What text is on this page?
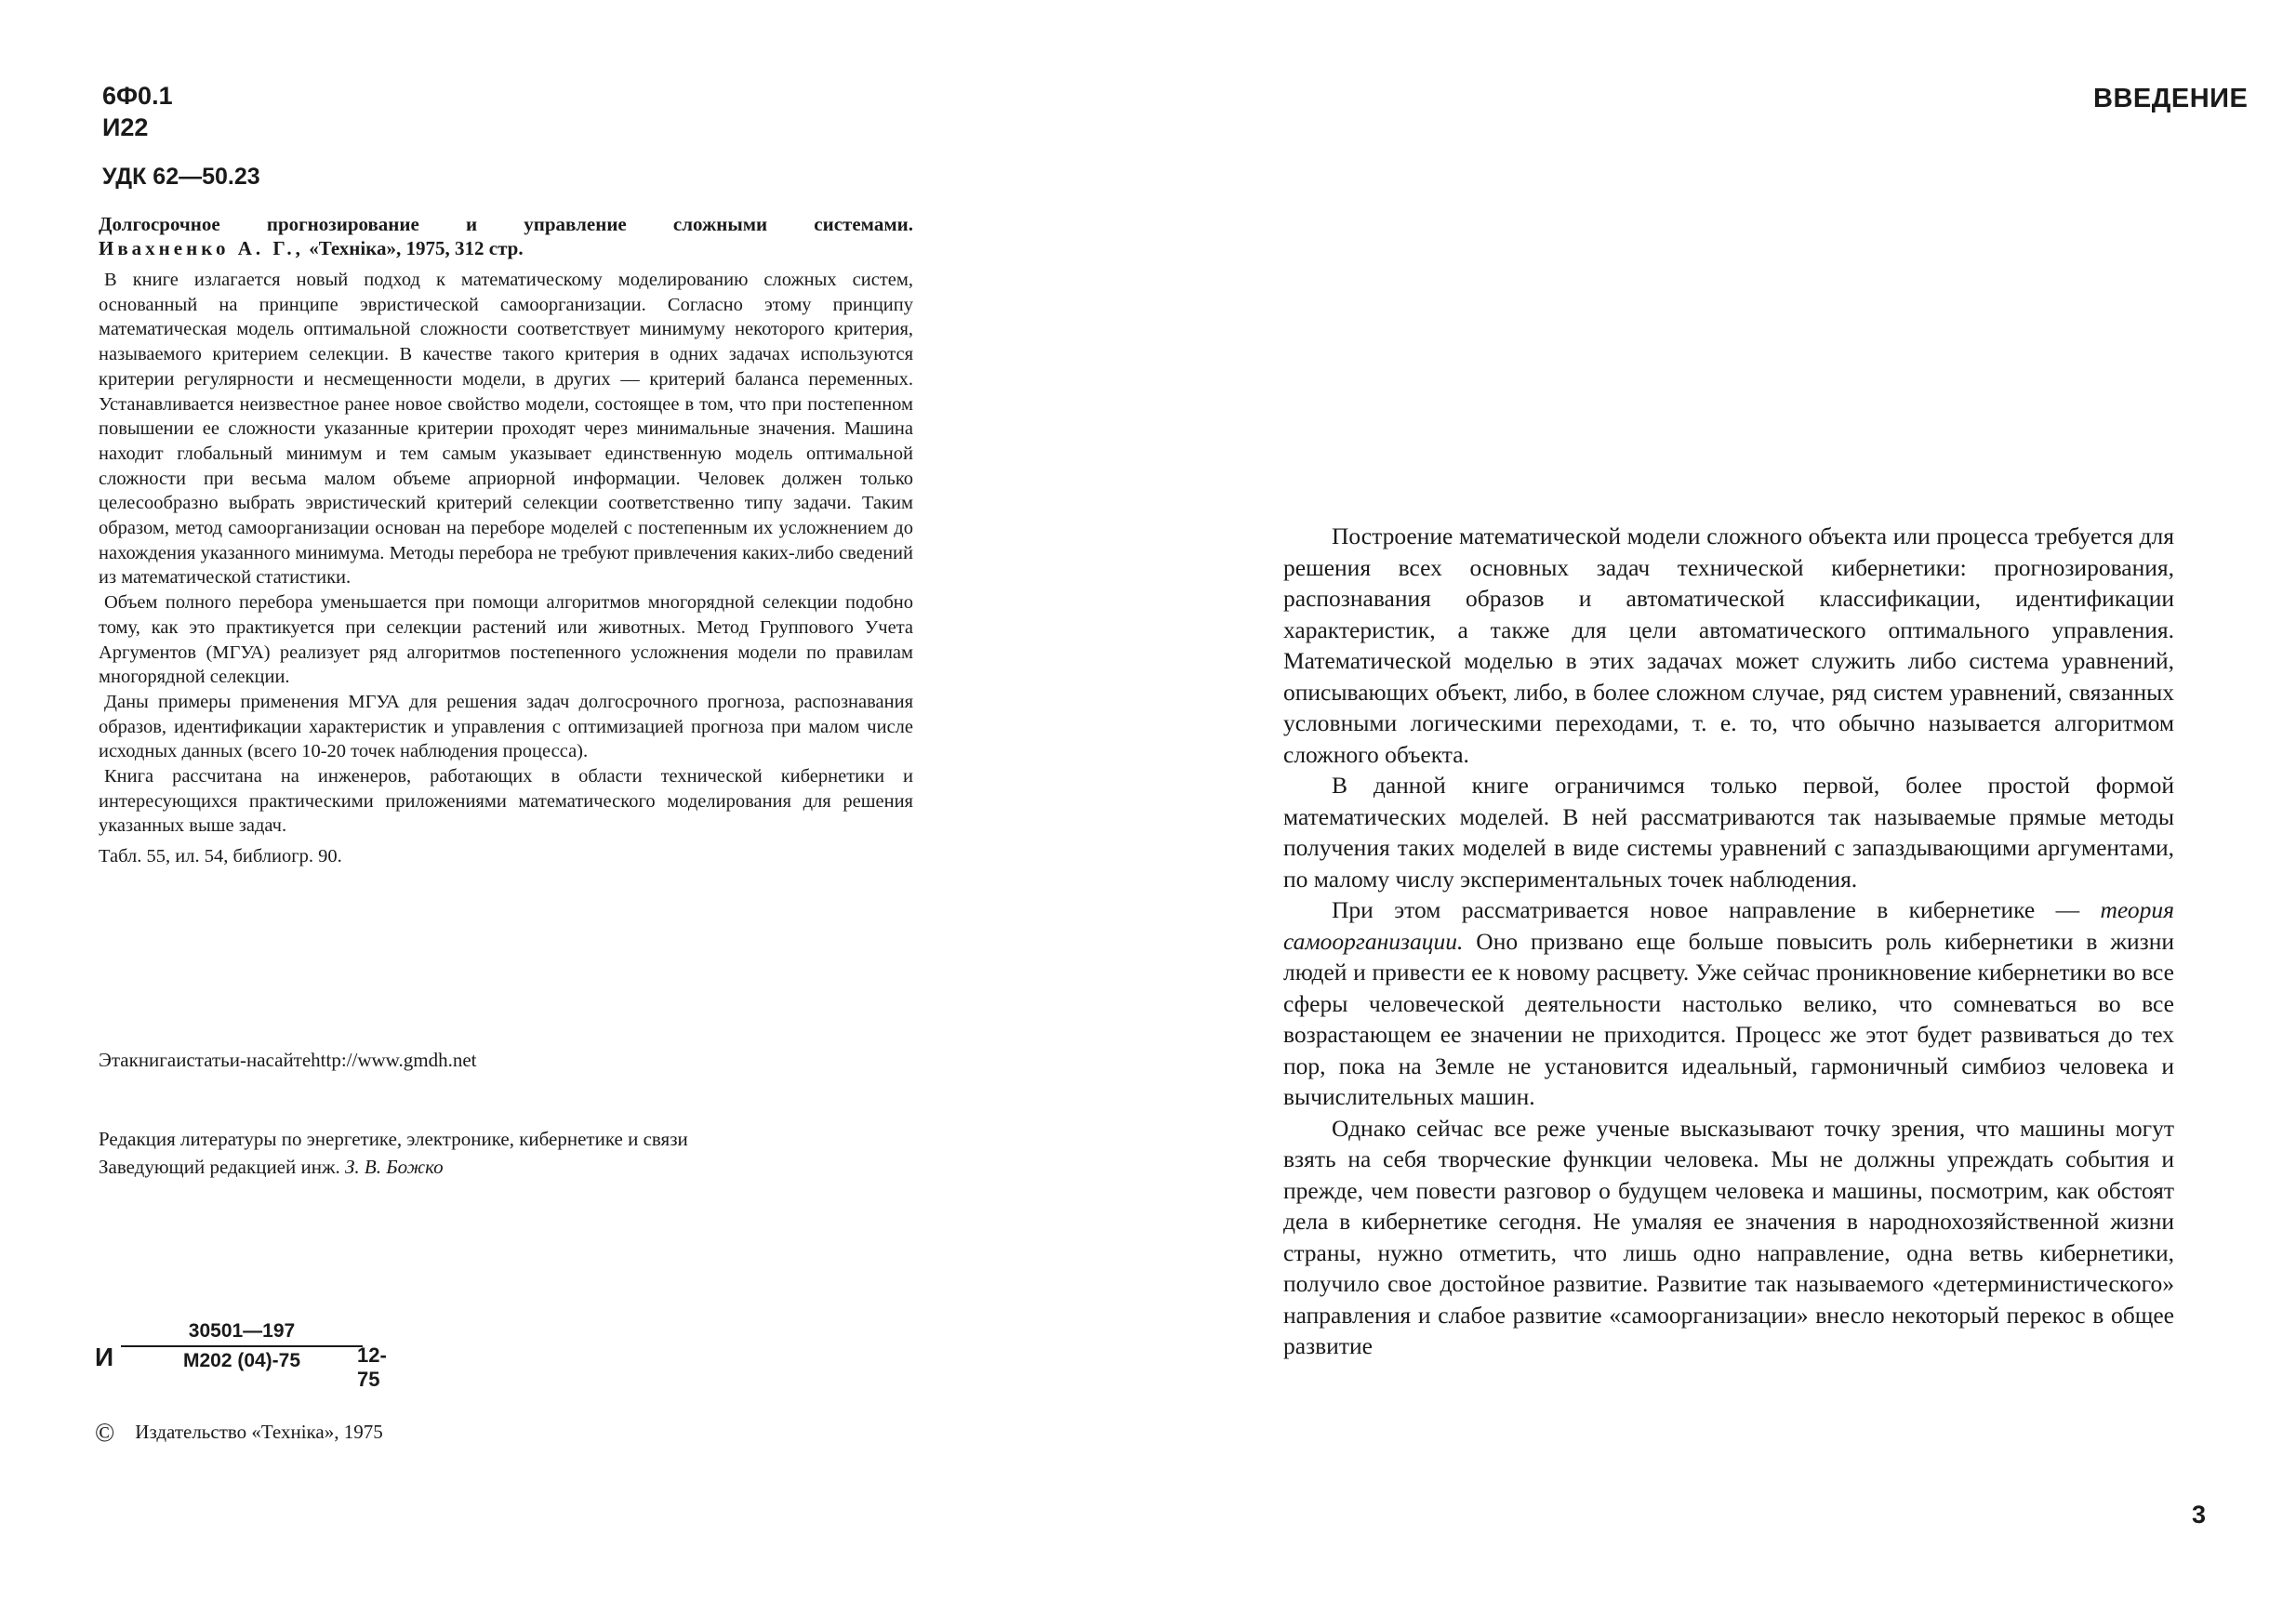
6Ф0.1
И22
УДК 62—50.23
Долгосрочное прогнозирование и управление сложными системами.
Ивахненко А. Г., «Техніка», 1975, 312 стр.

В книге излагается новый подход к математическому моделированию сложных систем, основанный на принципе эвристической самоорганизации. Согласно этому принципу математическая модель оптимальной сложности соответствует минимуму некоторого критерия, называемого критерием селекции. В качестве такого критерия в одних задачах используются критерии регулярности и несмещенности модели, в других — критерий баланса переменных. Устанавливается неизвестное ранее новое свойство модели, состоящее в том, что при постепенном повышении ее сложности указанные критерии проходят через минимальные значения. Машина находит глобальный минимум и тем самым указывает единственную модель оптимальной сложности при весьма малом объеме априорной информации. Человек должен только целесообразно выбрать эвристический критерий селекции соответственно типу задачи. Таким образом, метод самоорганизации основан на переборе моделей с постепенным их усложнением до нахождения указанного минимума. Методы перебора не требуют привлечения каких-либо сведений из математической статистики.

Объем полного перебора уменьшается при помощи алгоритмов многорядной селекции подобно тому, как это практикуется при селекции растений или животных. Метод Группового Учета Аргументов (МГУА) реализует ряд алгоритмов постепенного усложнения модели по правилам многорядной селекции.

Даны примеры применения МГУА для решения задач долгосрочного прогноза, распознавания образов, идентификации характеристик и управления с оптимизацией прогноза при малом числе исходных данных (всего 10-20 точек наблюдения процесса).

Книга рассчитана на инженеров, работающих в области технической кибернетики и интересующихся практическими приложениями математического моделирования для решения указанных выше задач.

Табл. 55, ил. 54, библиогр. 90.

Этакнигаистатьи-насайтеhttp://www.gmdh.net
Редакция литературы по энергетике, электронике, кибернетике и связи
Заведующий редакцией инж. З. В. Божко
И
30501—197
М202 (04)-75	12-75
© Издательство «Техніка», 1975
ВВЕДЕНИЕ

Построение математической модели сложного объекта или процесса требуется для решения всех основных задач технической кибернетики: прогнозирования, распознавания образов и автоматической классификации, идентификации характеристик, а также для цели автоматического оптимального управления. Математической моделью в этих задачах может служить либо система уравнений, описывающих объект, либо, в более сложном случае, ряд систем уравнений, связанных условными логическими переходами, т. е. то, что обычно называется алгоритмом сложного объекта.

В данной книге ограничимся только первой, более простой формой математических моделей. В ней рассматриваются так называемые прямые методы получения таких моделей в виде системы уравнений с запаздывающими аргументами, по малому числу экспериментальных точек наблюдения.

При этом рассматривается новое направление в кибернетике — теория самоорганизации. Оно призвано еще больше повысить роль кибернетики в жизни людей и привести ее к новому расцвету. Уже сейчас проникновение кибернетики во все сферы человеческой деятельности настолько велико, что сомневаться во все возрастающем ее значении не приходится. Процесс же этот будет развиваться до тех пор, пока на Земле не установится идеальный, гармоничный симбиоз человека и вычислительных машин.

Однако сейчас все реже ученые высказывают точку зрения, что машины могут взять на себя творческие функции человека. Мы не должны упреждать события и прежде, чем повести разговор о будущем человека и машины, посмотрим, как обстоят дела в кибернетике сегодня. Не умаляя ее значения в народнохозяйственной жизни страны, нужно отметить, что лишь одно направление, одна ветвь кибернетики, получило свое достойное развитие. Развитие так называемого «детерминистического» направления и слабое развитие «самоорганизации» внесло некоторый перекос в общее развитие

3
